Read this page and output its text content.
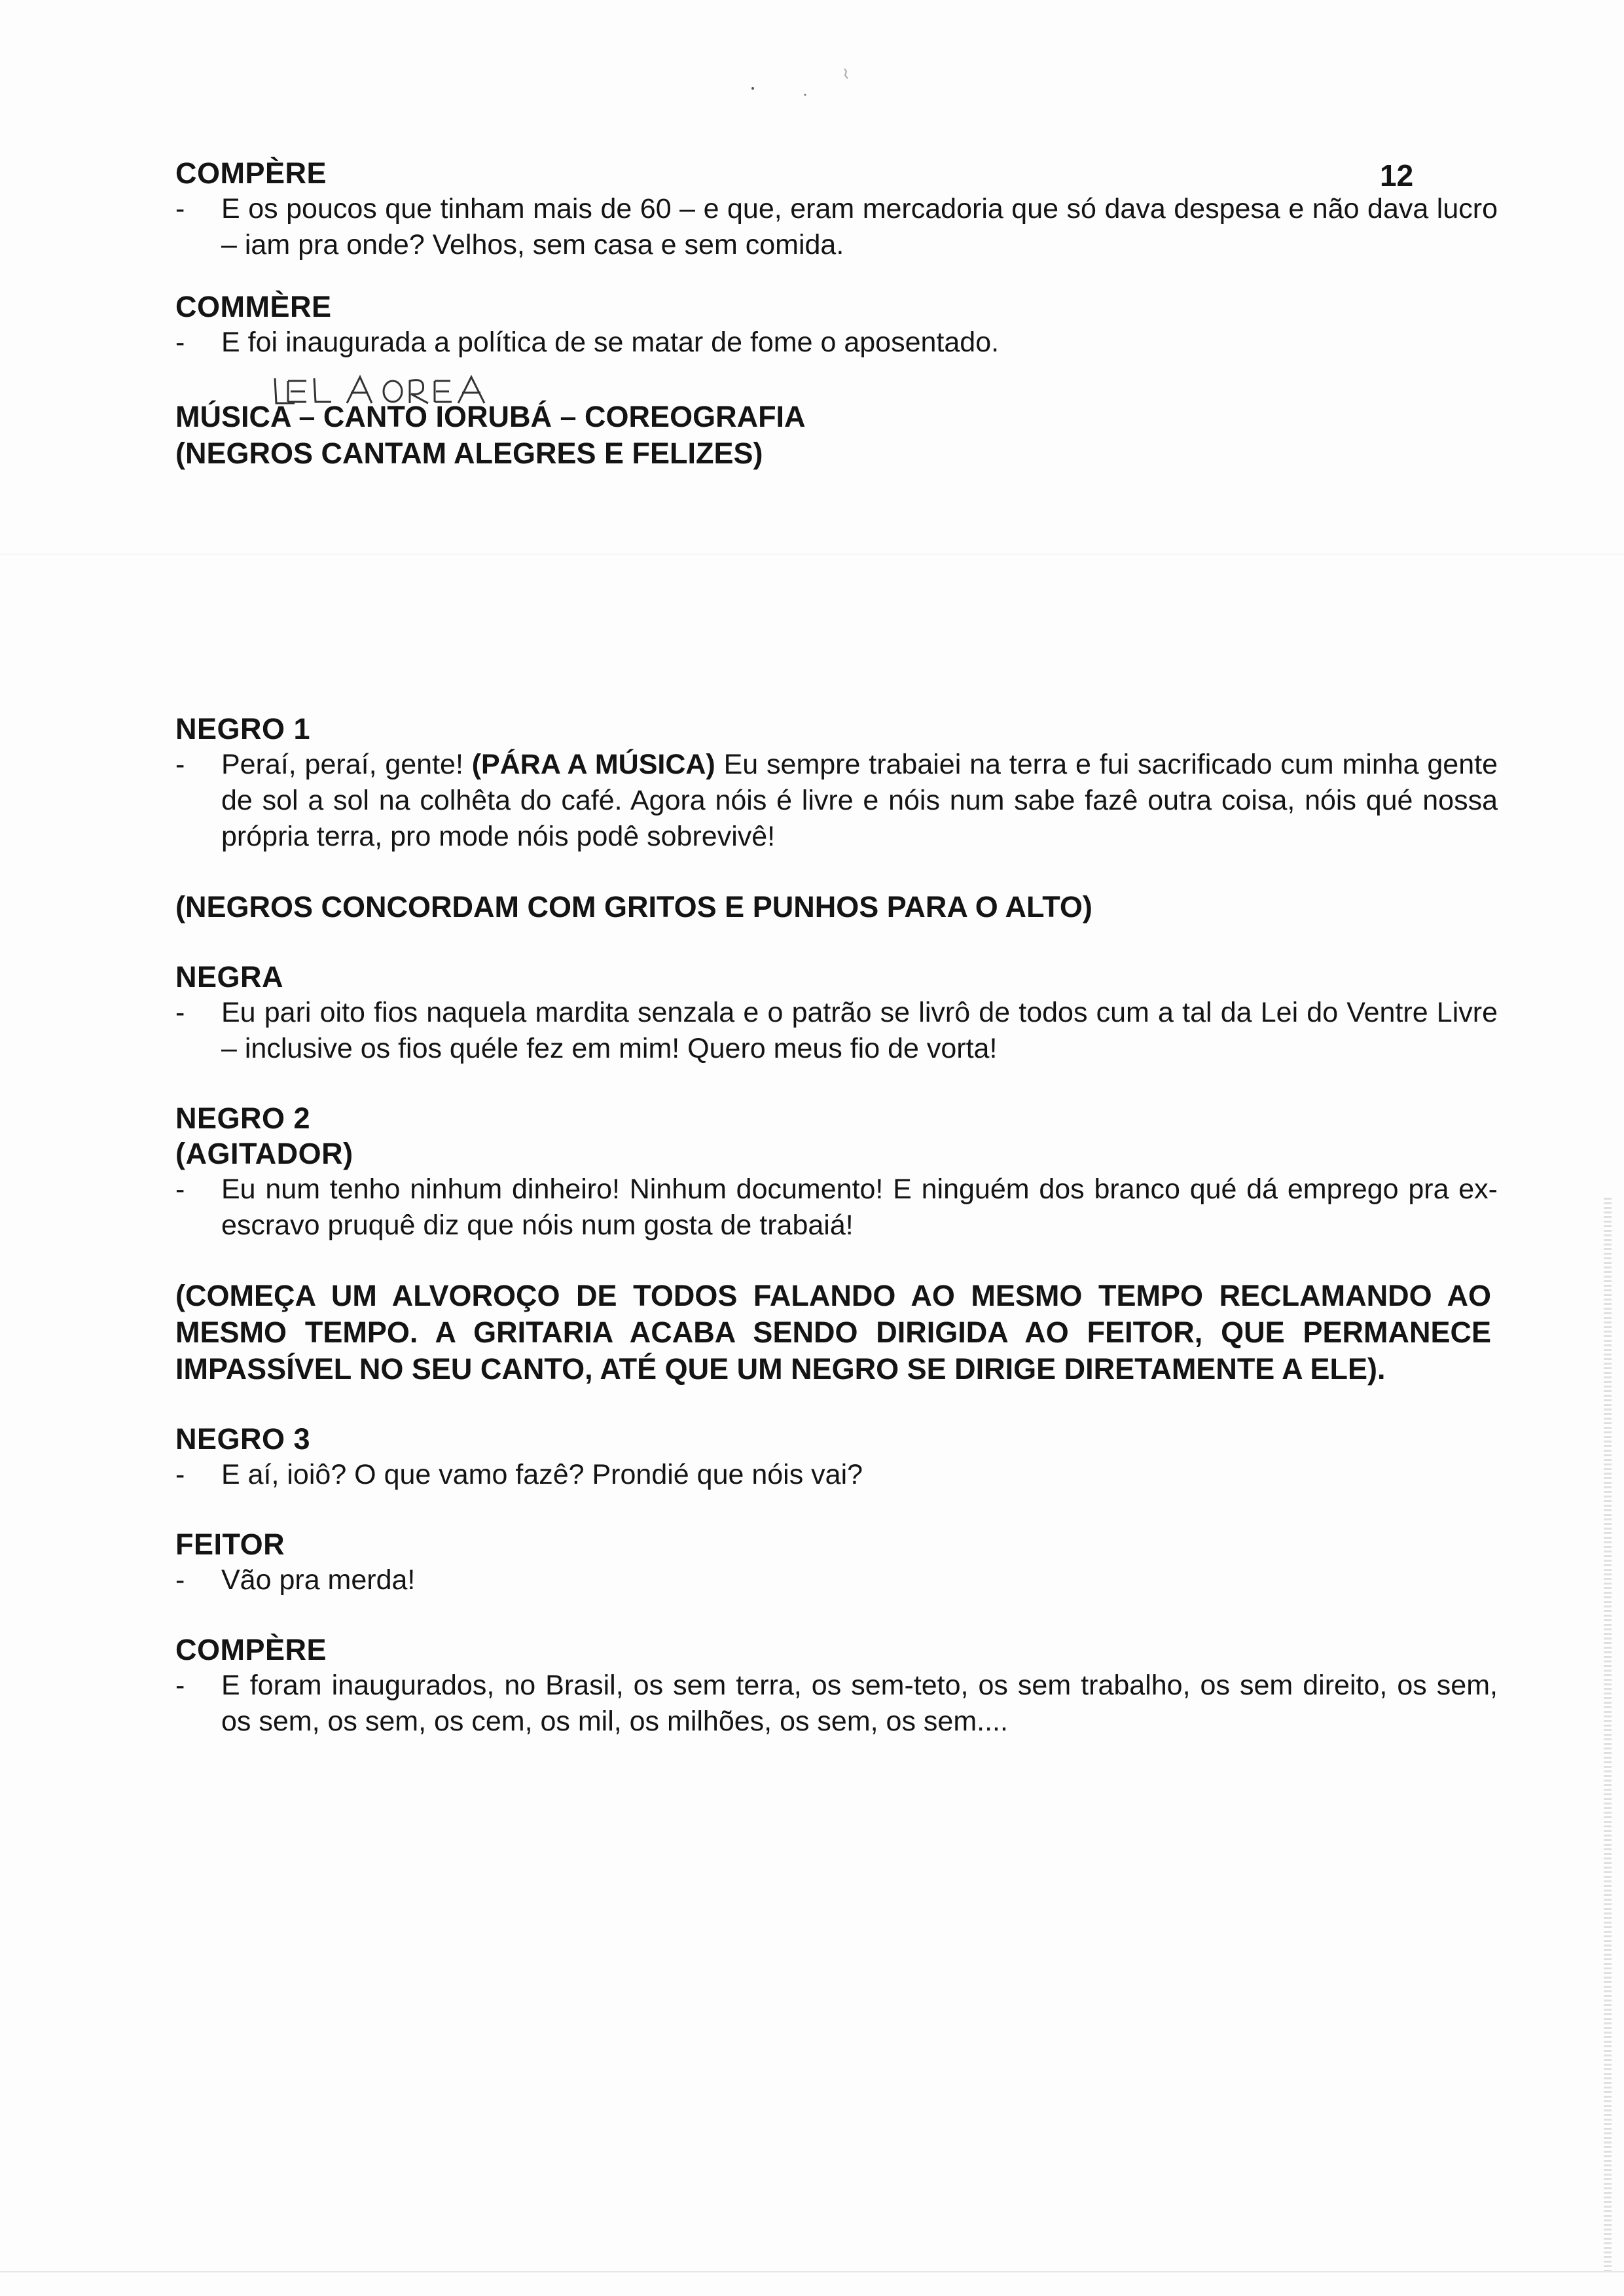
12

COMPÈRE

-	E os poucos que tinham mais de 60 – e que, eram mercadoria que só dava despesa e não dava lucro – iam pra onde? Velhos, sem casa e sem comida.

COMMÈRE

-	E foi inaugurada a política de se matar de fome o aposentado.

MÚSICA – CANTO IORUBÁ – COREOGRAFIA

(NEGROS CANTAM ALEGRES E FELIZES)

NEGRO 1

-	Peraí, peraí, gente! (PÁRA A MÚSICA) Eu sempre trabaiei na terra e fui sacrificado cum minha gente de sol a sol na colhêta do café. Agora nóis é livre e nóis num sabe fazê outra coisa, nóis qué nossa própria terra, pro mode nóis podê sobrevivê!

(NEGROS CONCORDAM COM GRITOS E PUNHOS PARA O ALTO)

NEGRA

-	Eu pari oito fios naquela mardita senzala e o patrão se livrô de todos cum a tal da Lei do Ventre Livre – inclusive os fios quéle fez em mim! Quero meus fio de vorta!

NEGRO 2

(AGITADOR)

-	Eu num tenho ninhum dinheiro! Ninhum documento! E ninguém dos branco qué dá emprego pra ex-escravo pruquê diz que nóis num gosta de trabaiá!

(COMEÇA UM ALVOROÇO DE TODOS FALANDO AO MESMO TEMPO RECLAMANDO AO MESMO TEMPO. A GRITARIA ACABA SENDO DIRIGIDA AO FEITOR, QUE PERMANECE IMPASSÍVEL NO SEU CANTO, ATÉ QUE UM NEGRO SE DIRIGE DIRETAMENTE A ELE).

NEGRO 3

-	E aí, ioiô? O que vamo fazê? Prondié que nóis vai?

FEITOR

-	Vão pra merda!

COMPÈRE

-	E foram inaugurados, no Brasil, os sem terra, os sem-teto, os sem trabalho, os sem direito, os sem, os sem, os sem, os cem, os mil, os milhões, os sem, os sem....
